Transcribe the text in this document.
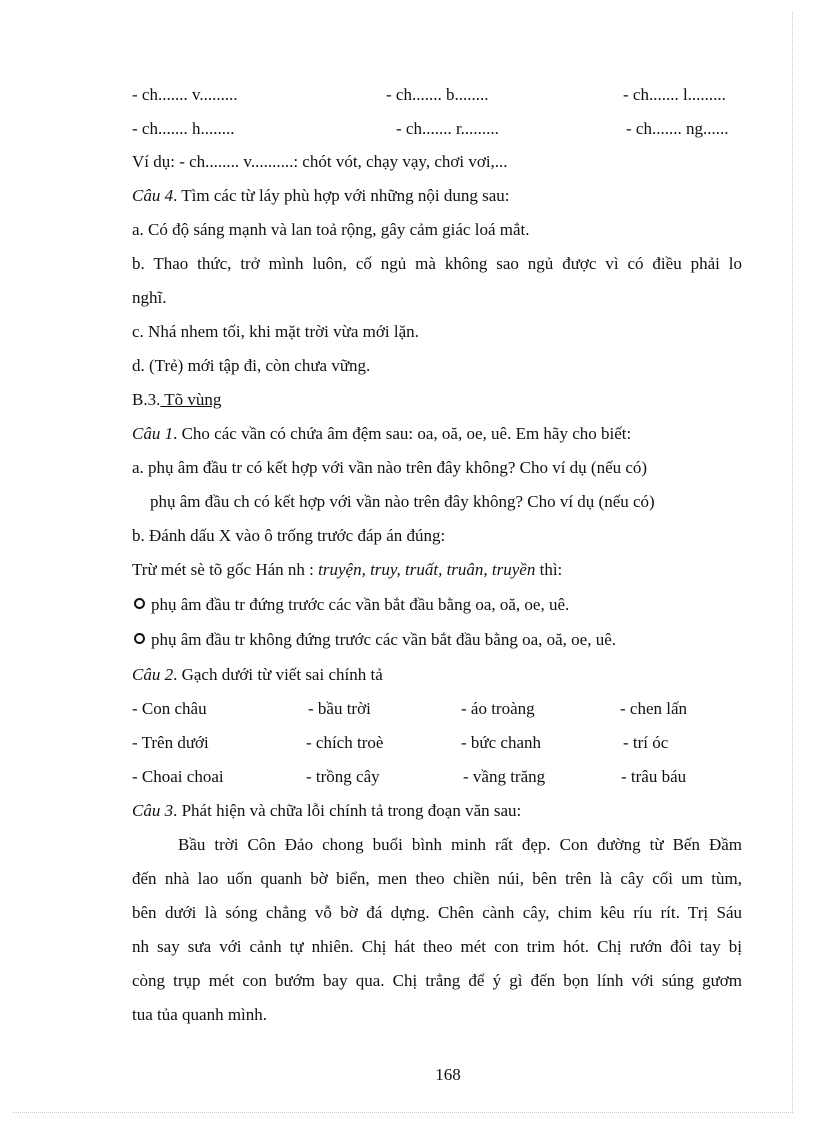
- ch....... v.........	- ch....... b........	- ch....... l.........
- ch....... h........	- ch....... r.........	- ch....... ng......
Ví dụ: - ch........ v..........: chót vót, chạy vạy, chơi vơi,...
Câu 4. Tìm các từ láy phù hợp với những nội dung sau:
a. Có độ sáng mạnh và lan toả rộng, gây cảm giác loá mắt.
b. Thao thức, trở mình luôn, cố ngủ mà không sao ngủ được vì có điều phải lo
nghĩ.
c. Nhá nhem tối, khi mặt trời vừa mới lặn.
d. (Trẻ) mới tập đi, còn chưa vững.
B.3. Tõ vùng
Câu 1. Cho các vần có chứa âm đệm sau: oa, oă, oe, uê. Em hãy cho biết:
a. phụ âm đầu tr có kết hợp với vần nào trên đây không? Cho ví dụ (nếu có)
phụ âm đầu ch có kết hợp với vần nào trên đây không? Cho ví dụ (nếu có)
b. Đánh dấu X vào ô trống trước đáp án đúng:
Trừ mét sè tõ gốc Hán nh : truyện, truy, truất, truân, truyền thì:
phụ âm đầu tr đứng trước các vần bắt đầu bằng oa, oă, oe, uê.
phụ âm đầu tr không đứng trước các vần bắt đầu bằng oa, oă, oe, uê.
Câu 2. Gạch dưới từ viết sai chính tả
- Con châu	- bầu trời	- áo troàng	- chen lấn
- Trên dưới	- chích troè	- bức chanh	- trí óc
- Choai choai	- trồng cây	- vầng trăng	- trâu báu
Câu 3. Phát hiện và chữa lỗi chính tả trong đoạn văn sau:
Bầu trời Côn Đảo chong buổi bình minh rất đẹp. Con đường từ Bến Đầm
đến nhà lao uốn quanh bờ biển, men theo chiền núi, bên trên là cây cối um tùm,
bên dưới là sóng chẳng vỗ bờ đá dựng. Chên cành cây, chim kêu ríu rít. Trị Sáu
nh say sưa với cảnh tự nhiên. Chị hát theo mét con trim hót. Chị rướn đôi tay bị
còng trụp mét con bướm bay qua. Chị trẳng để ý gì đến bọn lính với súng gươm
tua tủa quanh mình.
168
